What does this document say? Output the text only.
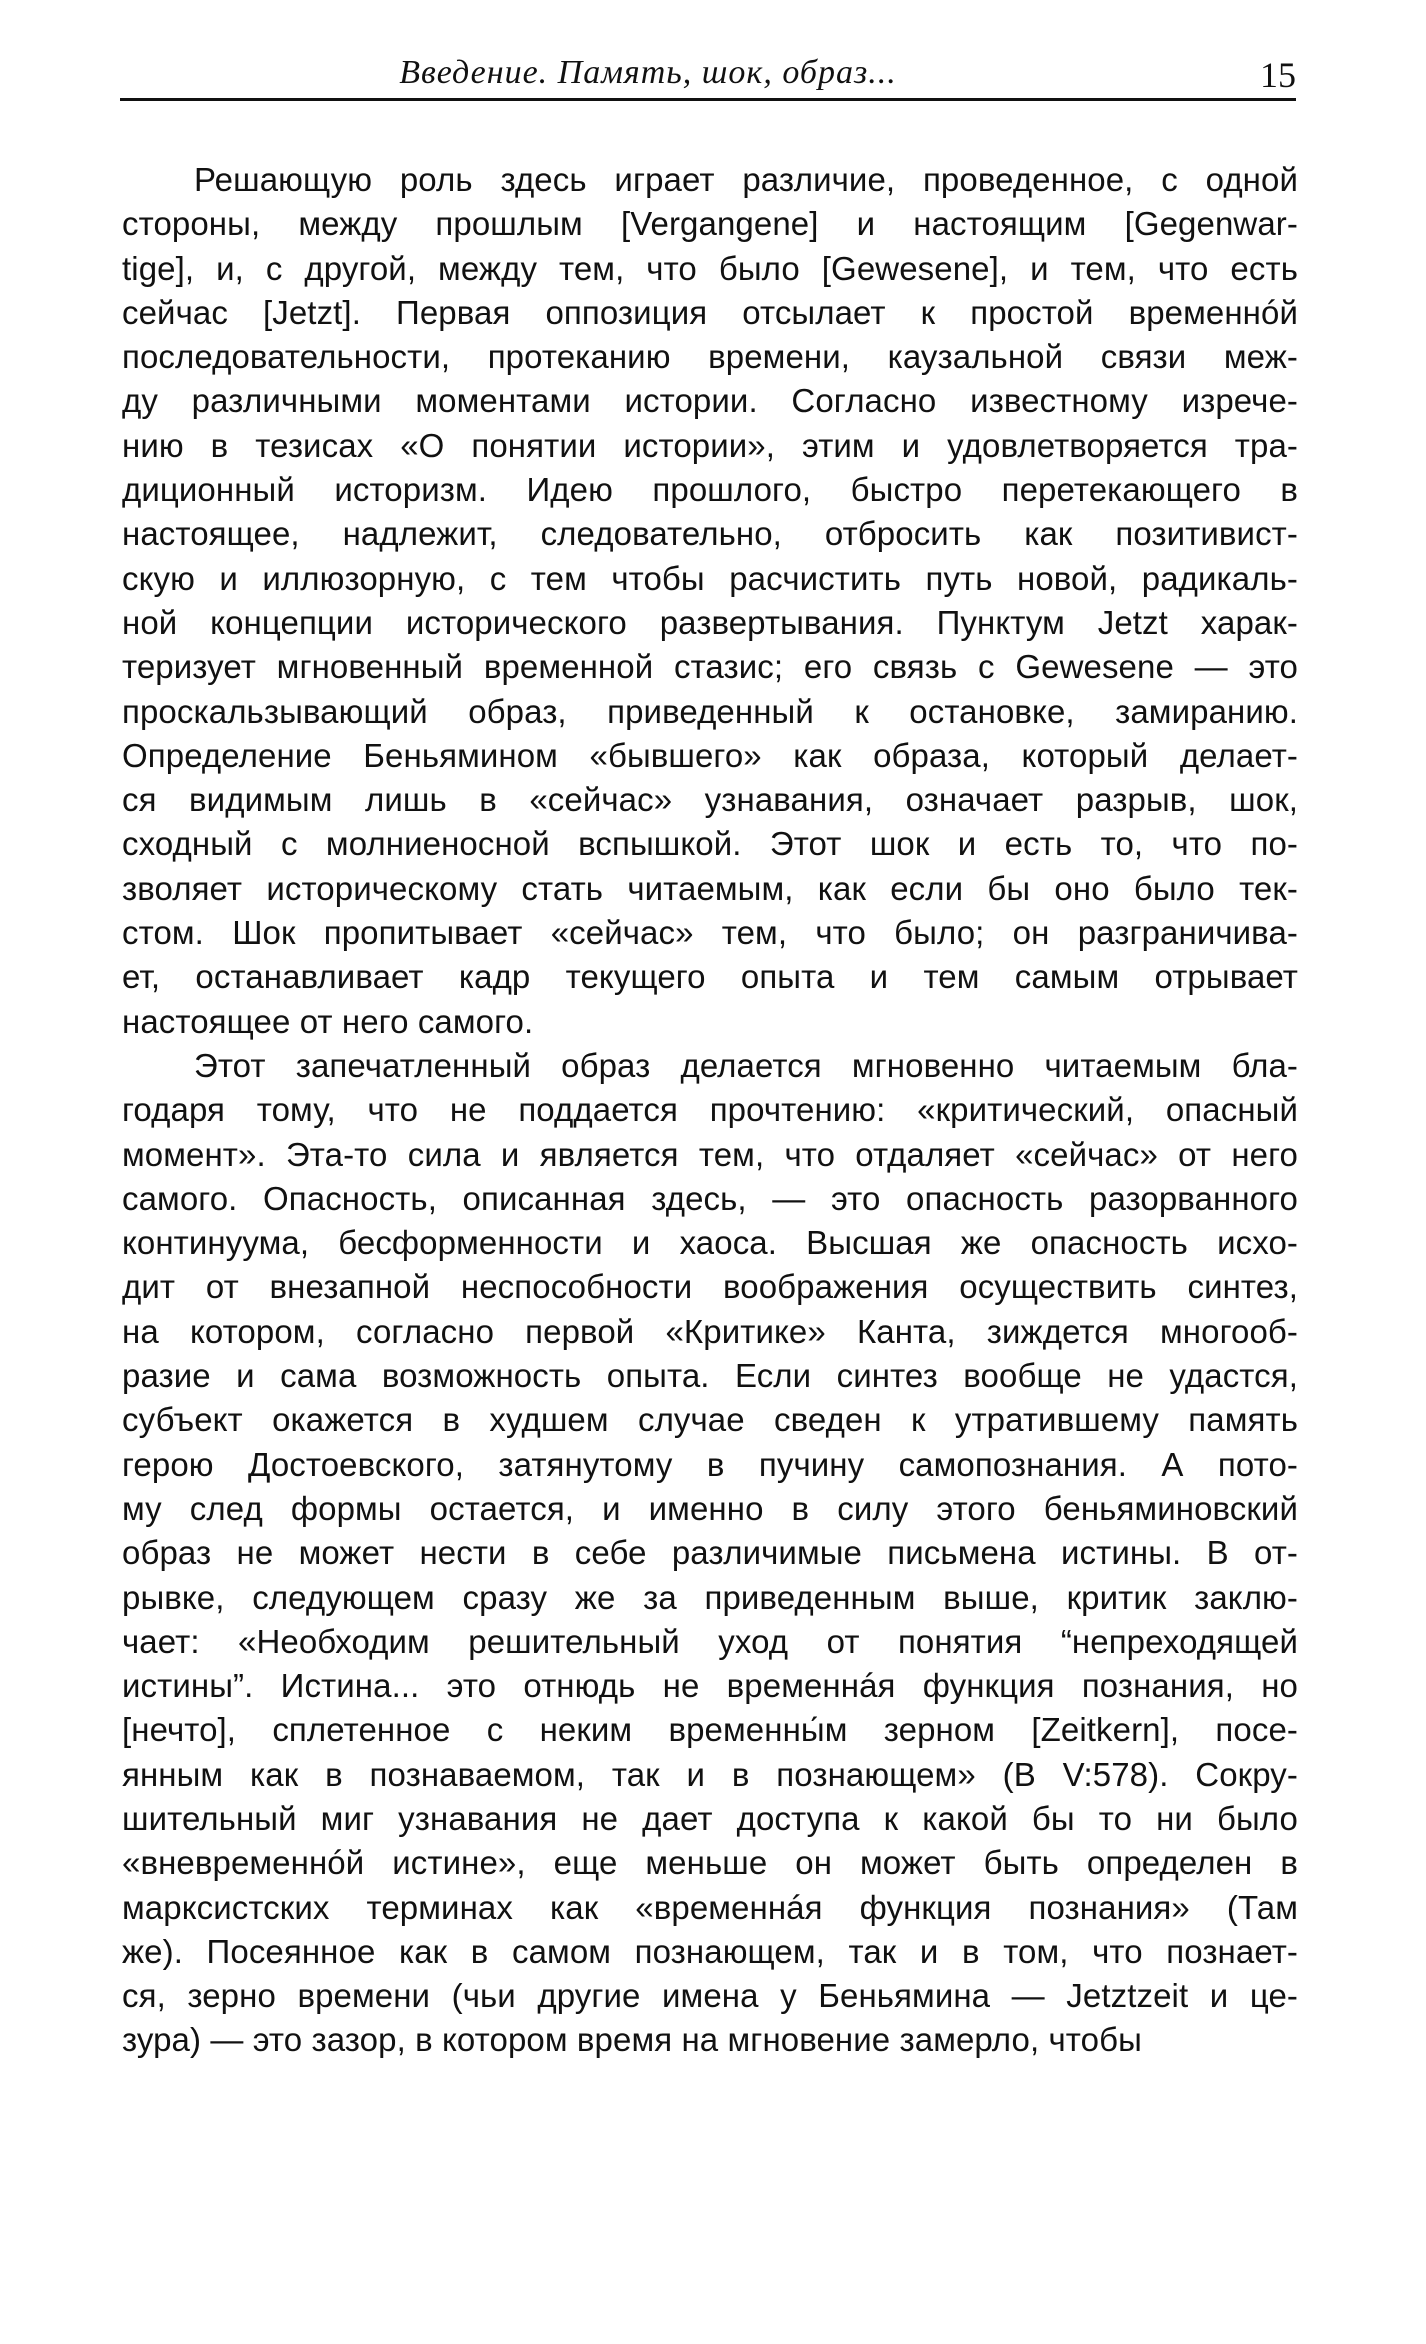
Введение. Память, шок, образ...	15
Решающую роль здесь играет различие, проведенное, с одной
стороны, между прошлым [Vergangene] и настоящим [Gegenwar-
tige], и, с другой, между тем, что было [Gewesene], и тем, что есть
сейчас [Jetzt]. Первая оппозиция отсылает к простой временнóй
последовательности, протеканию времени, каузальной связи меж-
ду различными моментами истории. Согласно известному изрече-
нию в тезисах «О понятии истории», этим и удовлетворяется тра-
диционный историзм. Идею прошлого, быстро перетекающего в
настоящее, надлежит, следовательно, отбросить как позитивист-
скую и иллюзорную, с тем чтобы расчистить путь новой, радикаль-
ной концепции исторического развертывания. Пунктум Jetzt харак-
теризует мгновенный временной стазис; его связь с Gewesene — это
проскальзывающий образ, приведенный к остановке, замиранию.
Определение Беньямином «бывшего» как образа, который делает-
ся видимым лишь в «сейчас» узнавания, означает разрыв, шок,
сходный с молниеносной вспышкой. Этот шок и есть то, что по-
зволяет историческому стать читаемым, как если бы оно было тек-
стом. Шок пропитывает «сейчас» тем, что было; он разграничива-
ет, останавливает кадр текущего опыта и тем самым отрывает
настоящее от него самого.
Этот запечатленный образ делается мгновенно читаемым бла-
годаря тому, что не поддается прочтению: «критический, опасный
момент». Эта-то сила и является тем, что отдаляет «сейчас» от него
самого. Опасность, описанная здесь, — это опасность разорванного
континуума, бесформенности и хаоса. Высшая же опасность исхо-
дит от внезапной неспособности воображения осуществить синтез,
на котором, согласно первой «Критике» Канта, зиждется многооб-
разие и сама возможность опыта. Если синтез вообще не удастся,
субъект окажется в худшем случае сведен к утратившему память
герою Достоевского, затянутому в пучину самопознания. А пото-
му след формы остается, и именно в силу этого беньяминовский
образ не может нести в себе различимые письмена истины. В от-
рывке, следующем сразу же за приведенным выше, критик заклю-
чает: «Необходим решительный уход от понятия “непреходящей
истины”. Истина... это отнюдь не временнáя функция познания, но
[нечто], сплетенное с неким временны́м зерном [Zeitkern], посе-
янным как в познаваемом, так и в познающем» (B V:578). Сокру-
шительный миг узнавания не дает доступа к какой бы то ни было
«вневременнóй истине», еще меньше он может быть определен в
марксистских терминах как «временнáя функция познания» (Там
же). Посеянное как в самом познающем, так и в том, что познает-
ся, зерно времени (чьи другие имена у Беньямина — Jetztzeit и це-
зура) — это зазор, в котором время на мгновение замерло, чтобы
